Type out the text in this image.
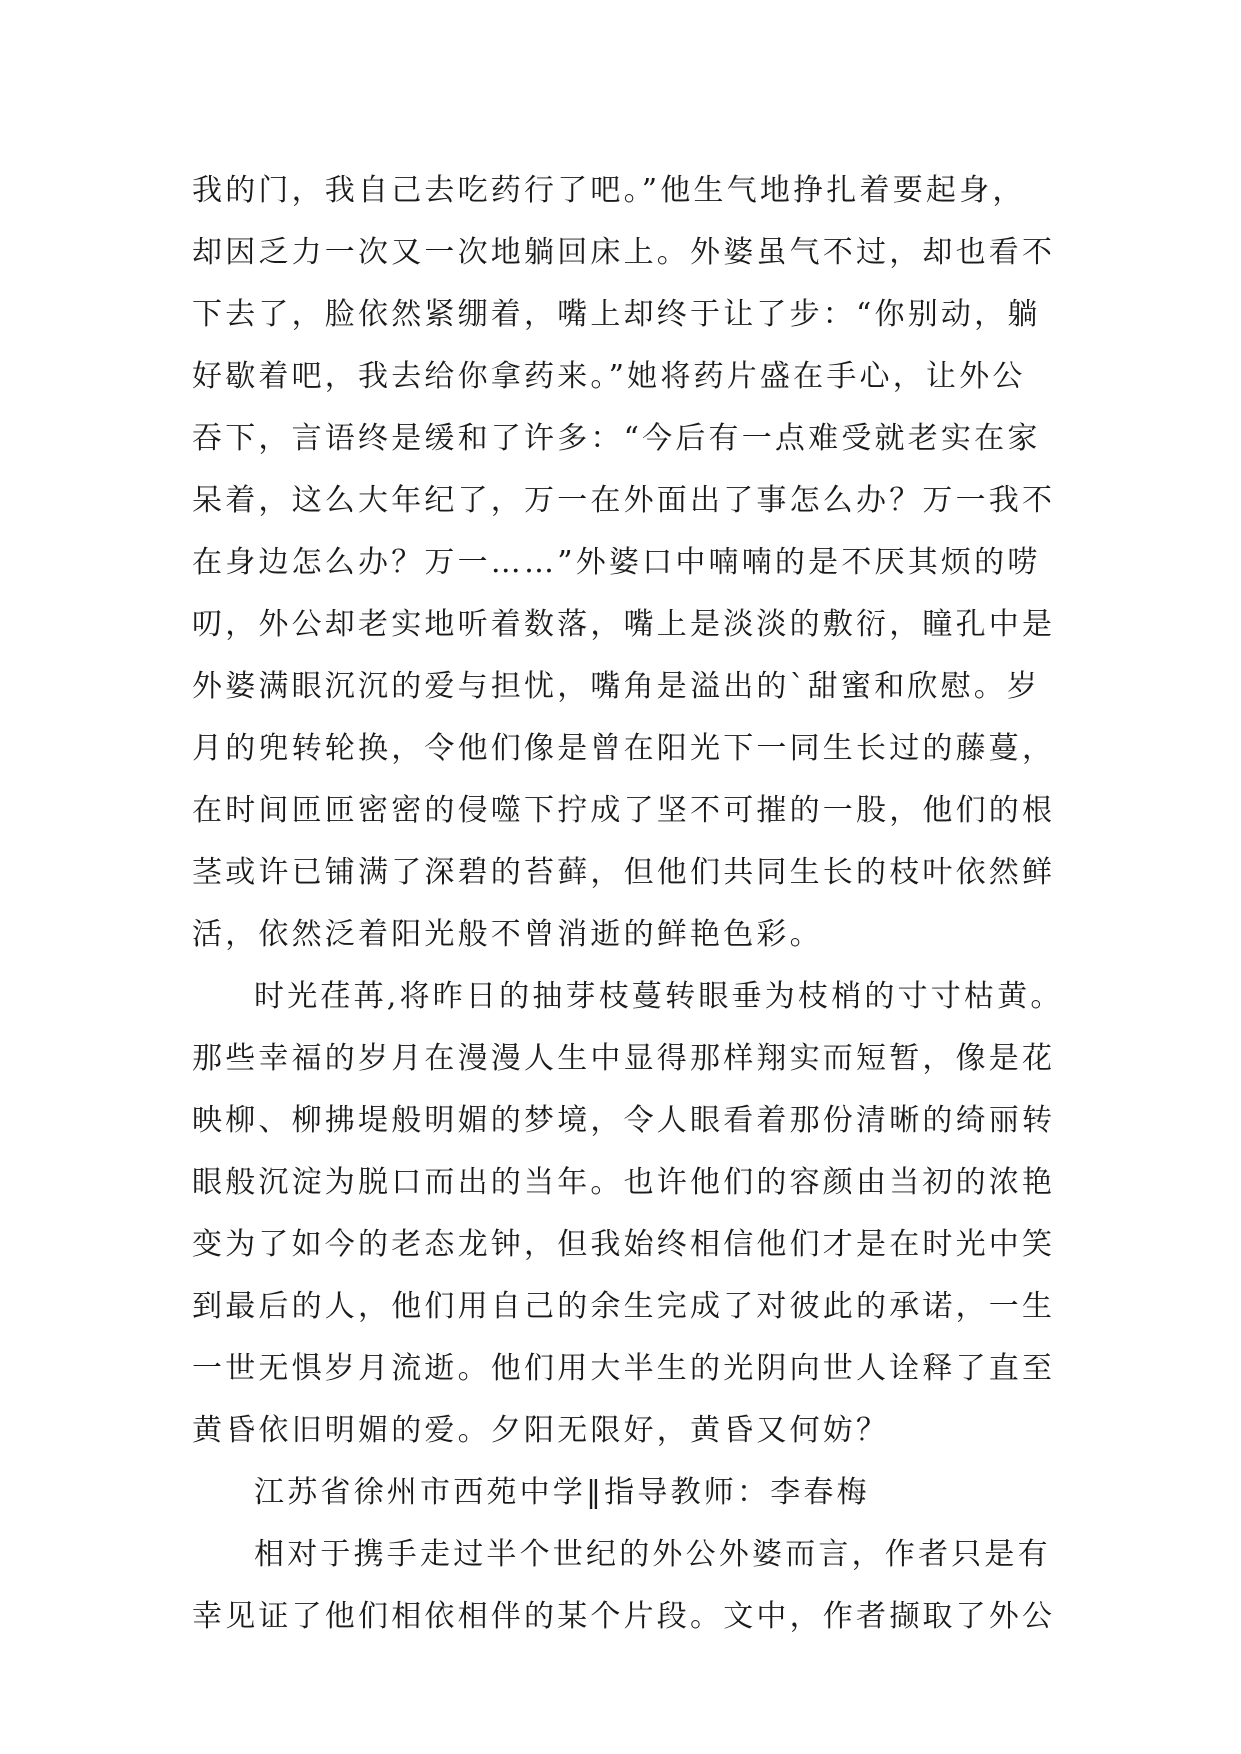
我的门，我自己去吃药行了吧。”他生气地挣扎着要起身，
却因乏力一次又一次地躺回床上。外婆虽气不过，却也看不
下去了，脸依然紧绷着，嘴上却终于让了步：“你别动，躺
好歇着吧，我去给你拿药来。”她将药片盛在手心，让外公
吞下，言语终是缓和了许多：“今后有一点难受就老实在家
呆着，这么大年纪了，万一在外面出了事怎么办？万一我不
在身边怎么办？万一……”外婆口中喃喃的是不厌其烦的唠
叨，外公却老实地听着数落，嘴上是淡淡的敷衍，瞳孔中是
外婆满眼沉沉的爱与担忧，嘴角是溢出的`甜蜜和欣慰。岁
月的兜转轮换，令他们像是曾在阳光下一同生长过的藤蔓，
在时间匝匝密密的侵噬下拧成了坚不可摧的一股，他们的根
茎或许已铺满了深碧的苔藓，但他们共同生长的枝叶依然鲜
活，依然泛着阳光般不曾消逝的鲜艳色彩。
时光荏苒,将昨日的抽芽枝蔓转眼垂为枝梢的寸寸枯黄。
那些幸福的岁月在漫漫人生中显得那样翔实而短暂，像是花
映柳、柳拂堤般明媚的梦境，令人眼看着那份清晰的绮丽转
眼般沉淀为脱口而出的当年。也许他们的容颜由当初的浓艳
变为了如今的老态龙钟，但我始终相信他们才是在时光中笑
到最后的人，他们用自己的余生完成了对彼此的承诺，一生
一世无惧岁月流逝。他们用大半生的光阴向世人诠释了直至
黄昏依旧明媚的爱。夕阳无限好，黄昏又何妨？
江苏省徐州市西苑中学‖指导教师：李春梅
相对于携手走过半个世纪的外公外婆而言，作者只是有
幸见证了他们相依相伴的某个片段。文中，作者撷取了外公
